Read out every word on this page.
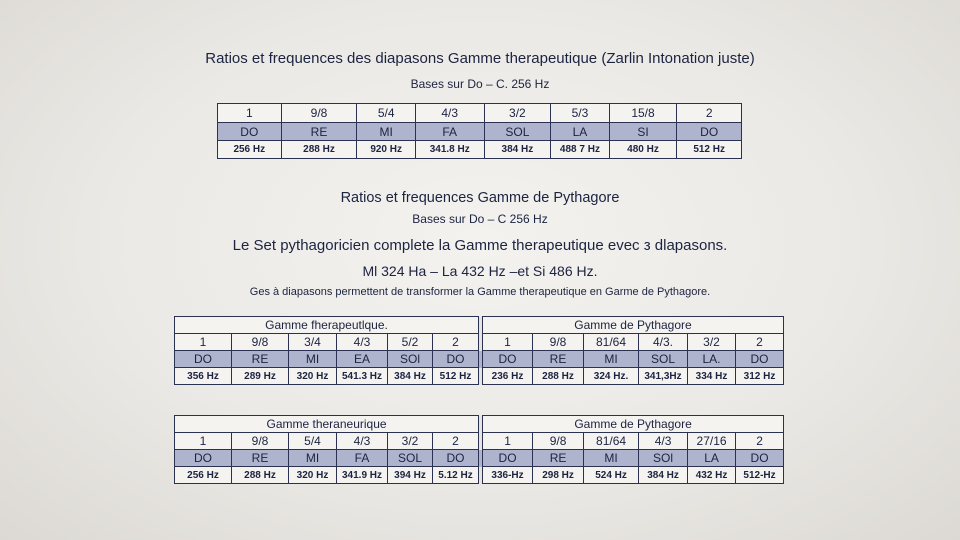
Ratios et frequences des diapasons Gamme therapeutique (Zarlin Intonation juste)
Bases sur Do – C. 256 Hz
1	9/8	5/4	4/3	3/2	5/3	15/8	2
DO	RE	MI	FA	SOL	LA	SI	DO
256 Hz	288 Hz	920 Hz	341.8 Hz	384 Hz	488 7 Hz	480 Hz	512 Hz
Ratios et frequences Gamme de Pythagore
Bases sur Do – C 256 Hz
Le Set pythagoricien complete la Gamme therapeutique evec з dlapasons.
Ml 324 Ha – La 432 Hz –et Si 486 Hz.
Ges à diapasons permettent de transformer la Gamme therapeutique en Garme de Pythagore.
Gamme fherapeutlque.							Gamme de Pythagore					
1	9/8	3/4	4/3	5/2	2		1	9/8	81/64	4/3.	3/2	2
DO	RE	MI	EA	SOl	DO		DO	RE	MI	SOL	LA.	DO
356 Hz	289 Hz	320 Hz	541.3 Hz	384 Hz	512 Hz		236 Hz	288 Hz	324 Hz.	341,3Hz	334 Hz	312 Hz
Gamme theraneurique							Gamme de Pythagore					
1	9/8	5/4	4/3	3/2	2		1	9/8	81/64	4/3	27/16	2
DO	RE	MI	FA	SOL	DO		DO	RE	MI	SOl	LA	DO
256 Hz	288 Hz	320 Hz	341.9 Hz	394 Hz	5.12 Hz		336-Hz	298 Hz	524 Hz	384 Hz	432 Hz	512-Hz
